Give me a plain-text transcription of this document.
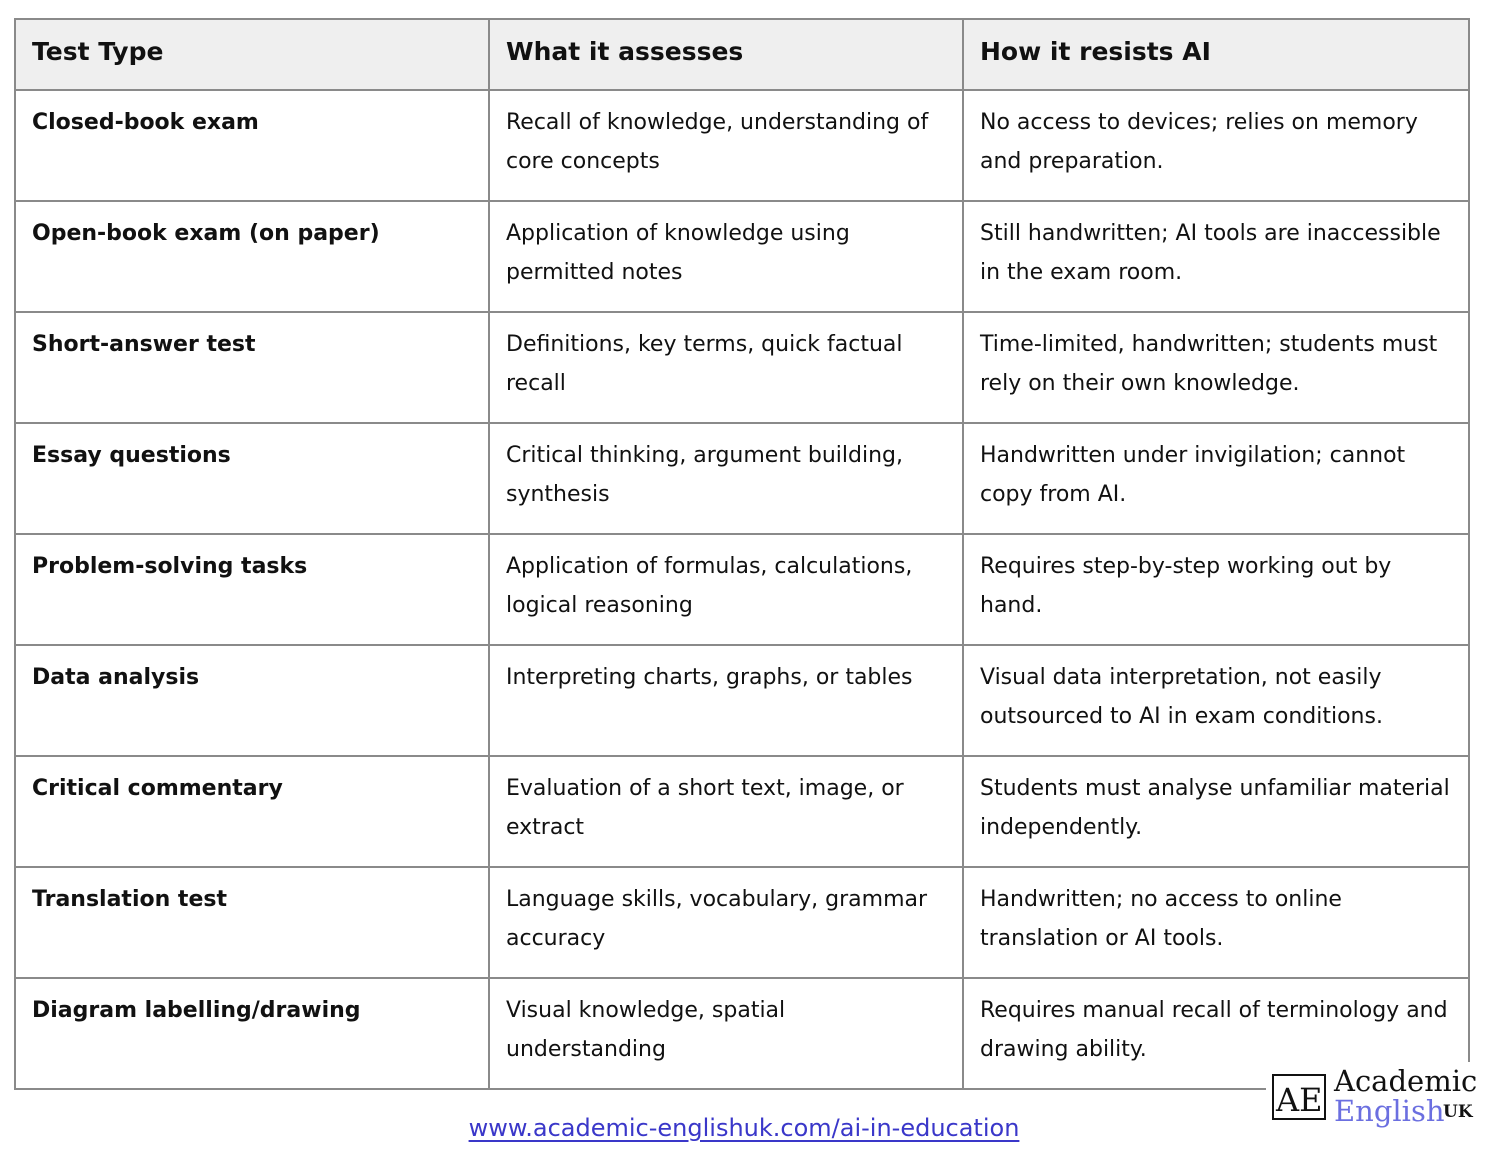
Test Type	What it assesses	How it resists AI
Closed-book exam	Recall of knowledge, understanding of core concepts	No access to devices; relies on memory and preparation.
Open-book exam (on paper)	Application of knowledge using permitted notes	Still handwritten; AI tools are inaccessible in the exam room.
Short-answer test	Definitions, key terms, quick factual recall	Time-limited, handwritten; students must rely on their own knowledge.
Essay questions	Critical thinking, argument building, synthesis	Handwritten under invigilation; cannot copy from AI.
Problem-solving tasks	Application of formulas, calculations, logical reasoning	Requires step-by-step working out by hand.
Data analysis	Interpreting charts, graphs, or tables	Visual data interpretation, not easily outsourced to AI in exam conditions.
Critical commentary	Evaluation of a short text, image, or extract	Students must analyse unfamiliar material independently.
Translation test	Language skills, vocabulary, grammar accuracy	Handwritten; no access to online translation or AI tools.
Diagram labelling/drawing	Visual knowledge, spatial understanding	Requires manual recall of terminology and drawing ability.
AE Academic
English
UK
www.academic-englishuk.com/ai-in-education
